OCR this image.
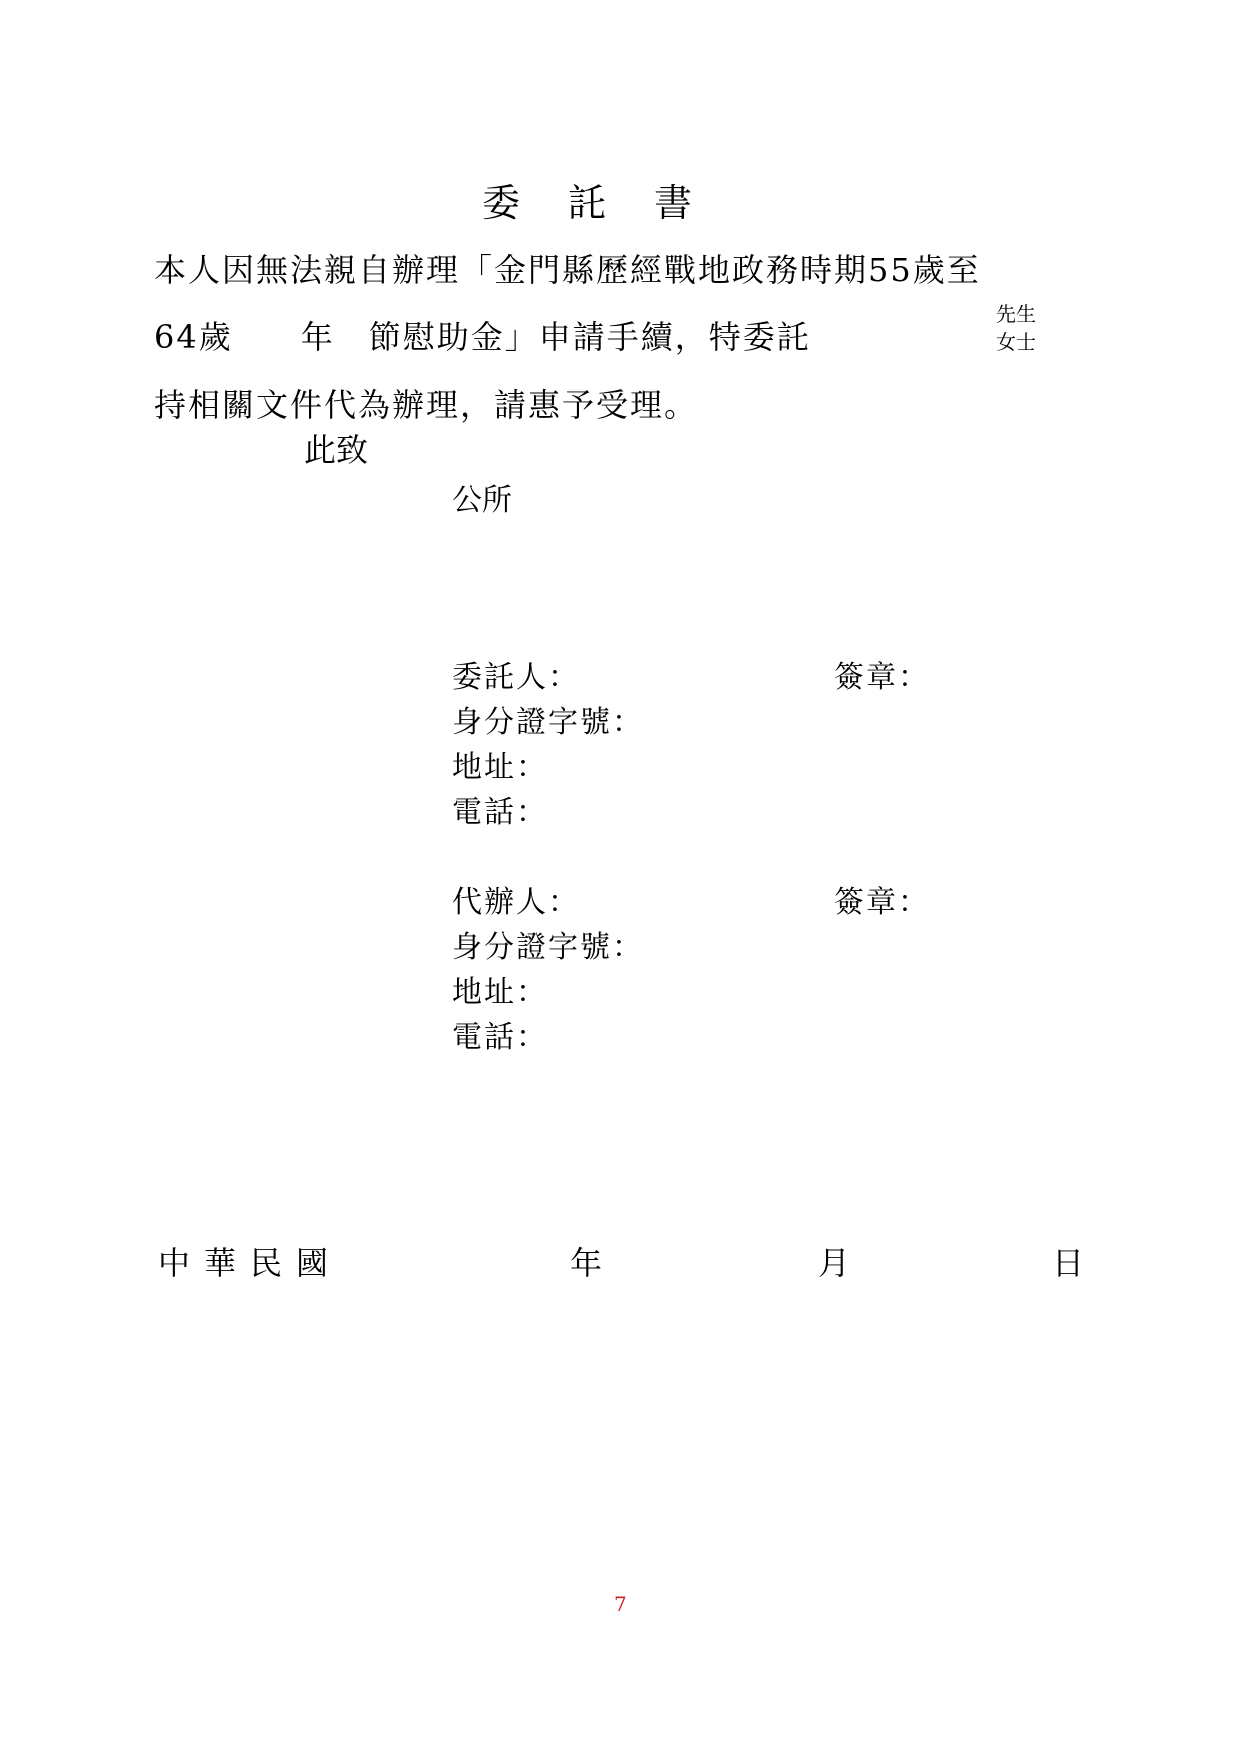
委託書
本人因無法親自辦理「金門縣歷經戰地政務時期55歲至
64歲　　年　節慰助金」申請手續，特委託
先生
女士
持相關文件代為辦理，請惠予受理。
此致
公所
委託人：	簽章：
身分證字號：
地址：
電話：
代辦人：	簽章：
身分證字號：
地址：
電話：
中華民國	年	月	日
7
